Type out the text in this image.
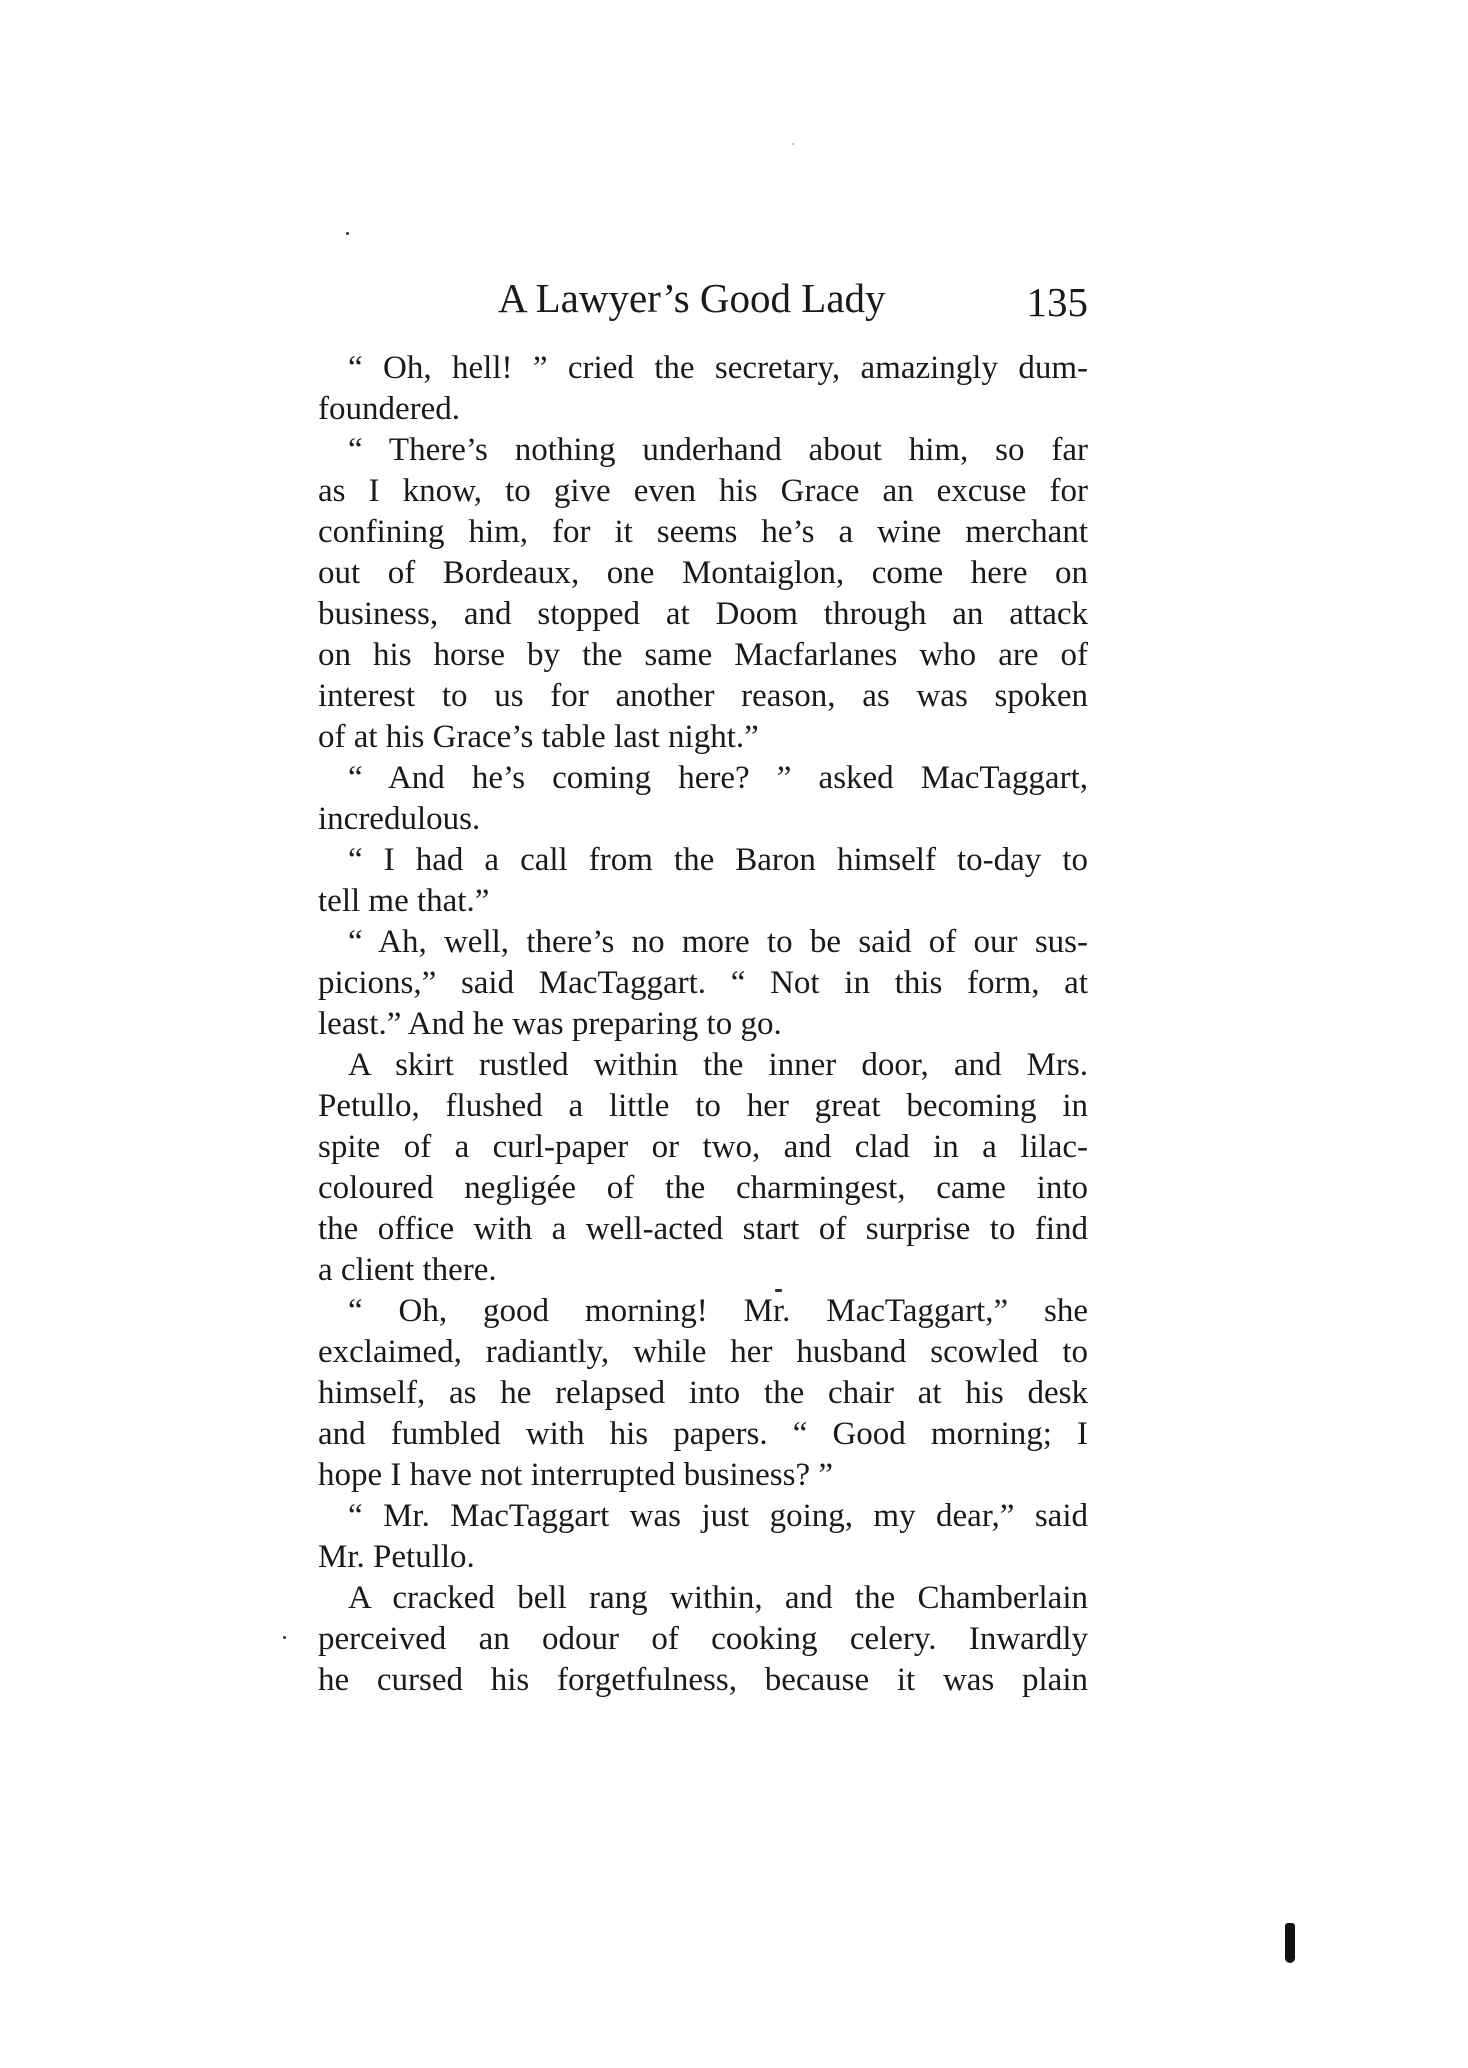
A Lawyer’s Good Lady	135
“ Oh, hell! ” cried the secretary, amazingly dum-
foundered.
“ There’s nothing underhand about him, so far
as I know, to give even his Grace an excuse for
confining him, for it seems he’s a wine merchant
out of Bordeaux, one Montaiglon, come here on
business, and stopped at Doom through an attack
on his horse by the same Macfarlanes who are of
interest to us for another reason, as was spoken
of at his Grace’s table last night.”
“ And he’s coming here? ” asked MacTaggart,
incredulous.
“ I had a call from the Baron himself to-day to
tell me that.”
“ Ah, well, there’s no more to be said of our sus-
picions,” said MacTaggart. “ Not in this form, at
least.” And he was preparing to go.
A skirt rustled within the inner door, and Mrs.
Petullo, flushed a little to her great becoming in
spite of a curl-paper or two, and clad in a lilac-
coloured negligée of the charmingest, came into
the office with a well-acted start of surprise to find
a client there.
“ Oh, good morning! Mr. MacTaggart,” she
exclaimed, radiantly, while her husband scowled to
himself, as he relapsed into the chair at his desk
and fumbled with his papers. “ Good morning; I
hope I have not interrupted business? ”
“ Mr. MacTaggart was just going, my dear,” said
Mr. Petullo.
A cracked bell rang within, and the Chamberlain
perceived an odour of cooking celery. Inwardly
he cursed his forgetfulness, because it was plain
